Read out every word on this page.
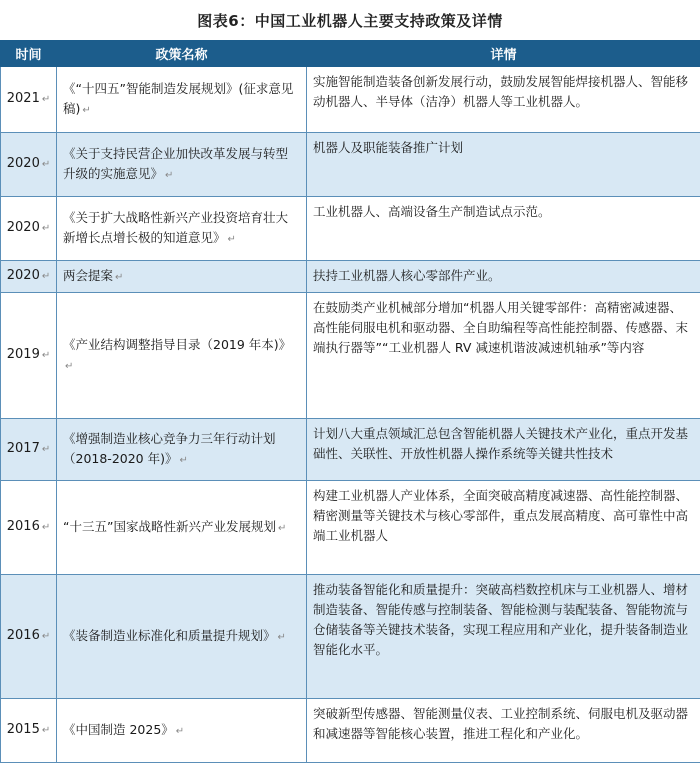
图表6：中国工业机器人主要支持政策及详情
时间	政策名称	详情
2021 ↵	《“十四五”智能制造发展规划》(征求意见稿) ↵	实施智能制造装备创新发展行动，鼓励发展智能焊接机器人、智能移动机器人、半导体（洁净）机器人等工业机器人。
2020 ↵	《关于支持民营企业加快改革发展与转型升级的实施意见》 ↵	机器人及职能装备推广计划
2020 ↵	《关于扩大战略性新兴产业投资培育壮大新增长点增长极的知道意见》 ↵	工业机器人、高端设备生产制造试点示范。
2020 ↵	两会提案 ↵	扶持工业机器人核心零部件产业。
2019 ↵	《产业结构调整指导目录（2019 年本)》↵	在鼓励类产业机械部分增加“机器人用关键零部件：高精密减速器、高性能伺服电机和驱动器、全自助编程等高性能控制器、传感器、末端执行器等”“工业机器人 RV 减速机谐波减速机轴承”等内容
2017 ↵	《增强制造业核心竞争力三年行动计划（2018-2020 年)》 ↵	计划八大重点领域汇总包含智能机器人关键技术产业化，重点开发基础性、关联性、开放性机器人操作系统等关键共性技术
2016 ↵	“十三五”国家战略性新兴产业发展规划 ↵	构建工业机器人产业体系，全面突破高精度减速器、高性能控制器、精密测量等关键技术与核心零部件，重点发展高精度、高可靠性中高端工业机器人
2016 ↵	《装备制造业标准化和质量提升规划》 ↵	推动装备智能化和质量提升：突破高档数控机床与工业机器人、增材制造装备、智能传感与控制装备、智能检测与装配装备、智能物流与仓储装备等关键技术装备，实现工程应用和产业化，提升装备制造业智能化水平。
2015 ↵	《中国制造 2025》 ↵	突破新型传感器、智能测量仪表、工业控制系统、伺服电机及驱动器和减速器等智能核心装置，推进工程化和产业化。
